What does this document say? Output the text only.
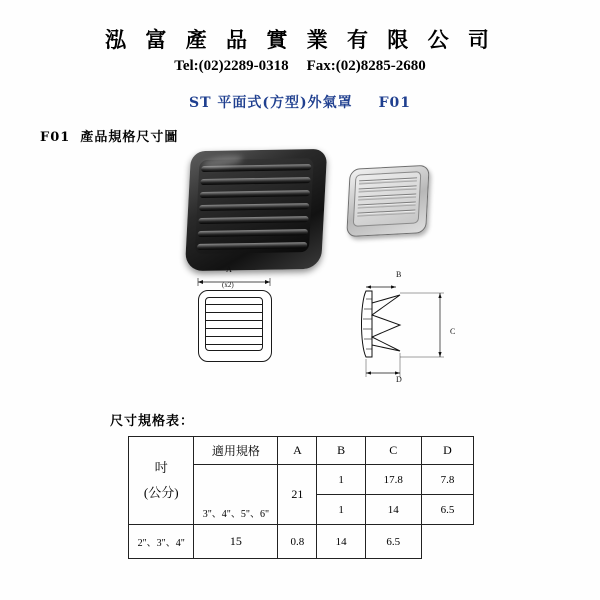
泓 富 產 品 實 業 有 限 公 司
Tel:(02)2289-0318 Fax:(02)8285-2680
ST 平面式(方型)外氣罩 F01
F01 產品規格尺寸圖
A
(x2)
B
C
D
尺寸規格表：
吋
(公分)	適用規格	A	B	C	D
	3"、4"、5"、6"	21	1	17.8	7.8
			1	14	6.5
2"、3"、4"	15	0.8	14	6.5	
